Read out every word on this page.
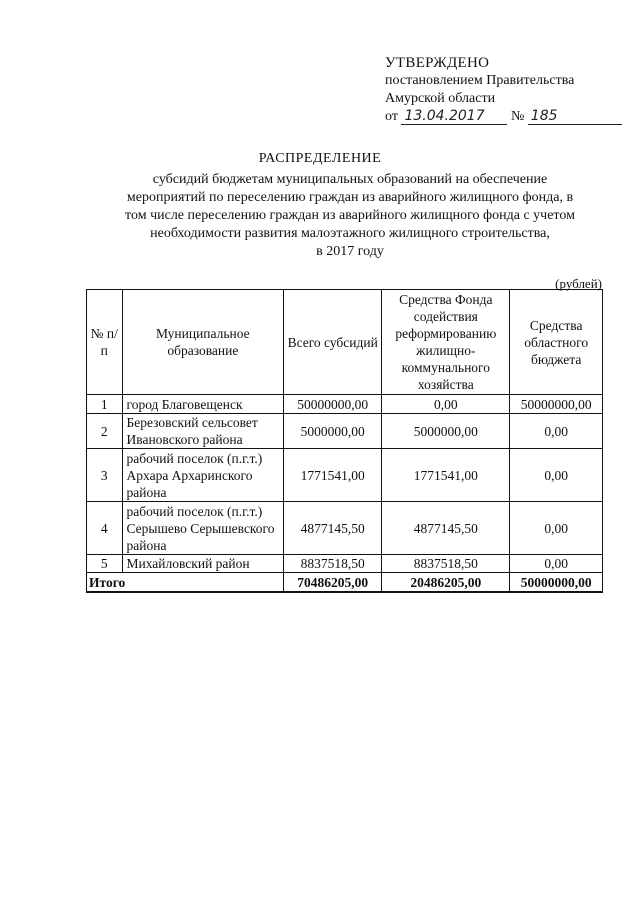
УТВЕРЖДЕНО
постановлением Правительства
Амурской области
от 13.04.2017 № 185
РАСПРЕДЕЛЕНИЕ
субсидий бюджетам муниципальных образований на обеспечение
мероприятий по переселению граждан из аварийного жилищного фонда, в
том числе переселению граждан из аварийного жилищного фонда с учетом
необходимости развития малоэтажного жилищного строительства,
в 2017 году
(рублей)
№ п/п	Муниципальное образование	Всего субсидий	Средства Фонда содействия реформированию жилищно-коммунального хозяйства	Средства областного бюджета
1	город Благовещенск	50000000,00	0,00	50000000,00
2	Березовский сельсовет Ивановского района	5000000,00	5000000,00	0,00
3	рабочий поселок (п.г.т.) Архара Архаринского района	1771541,00	1771541,00	0,00
4	рабочий поселок (п.г.т.) Серышево Серышевского района	4877145,50	4877145,50	0,00
5	Михайловский район	8837518,50	8837518,50	0,00
Итого		70486205,00	20486205,00	50000000,00
